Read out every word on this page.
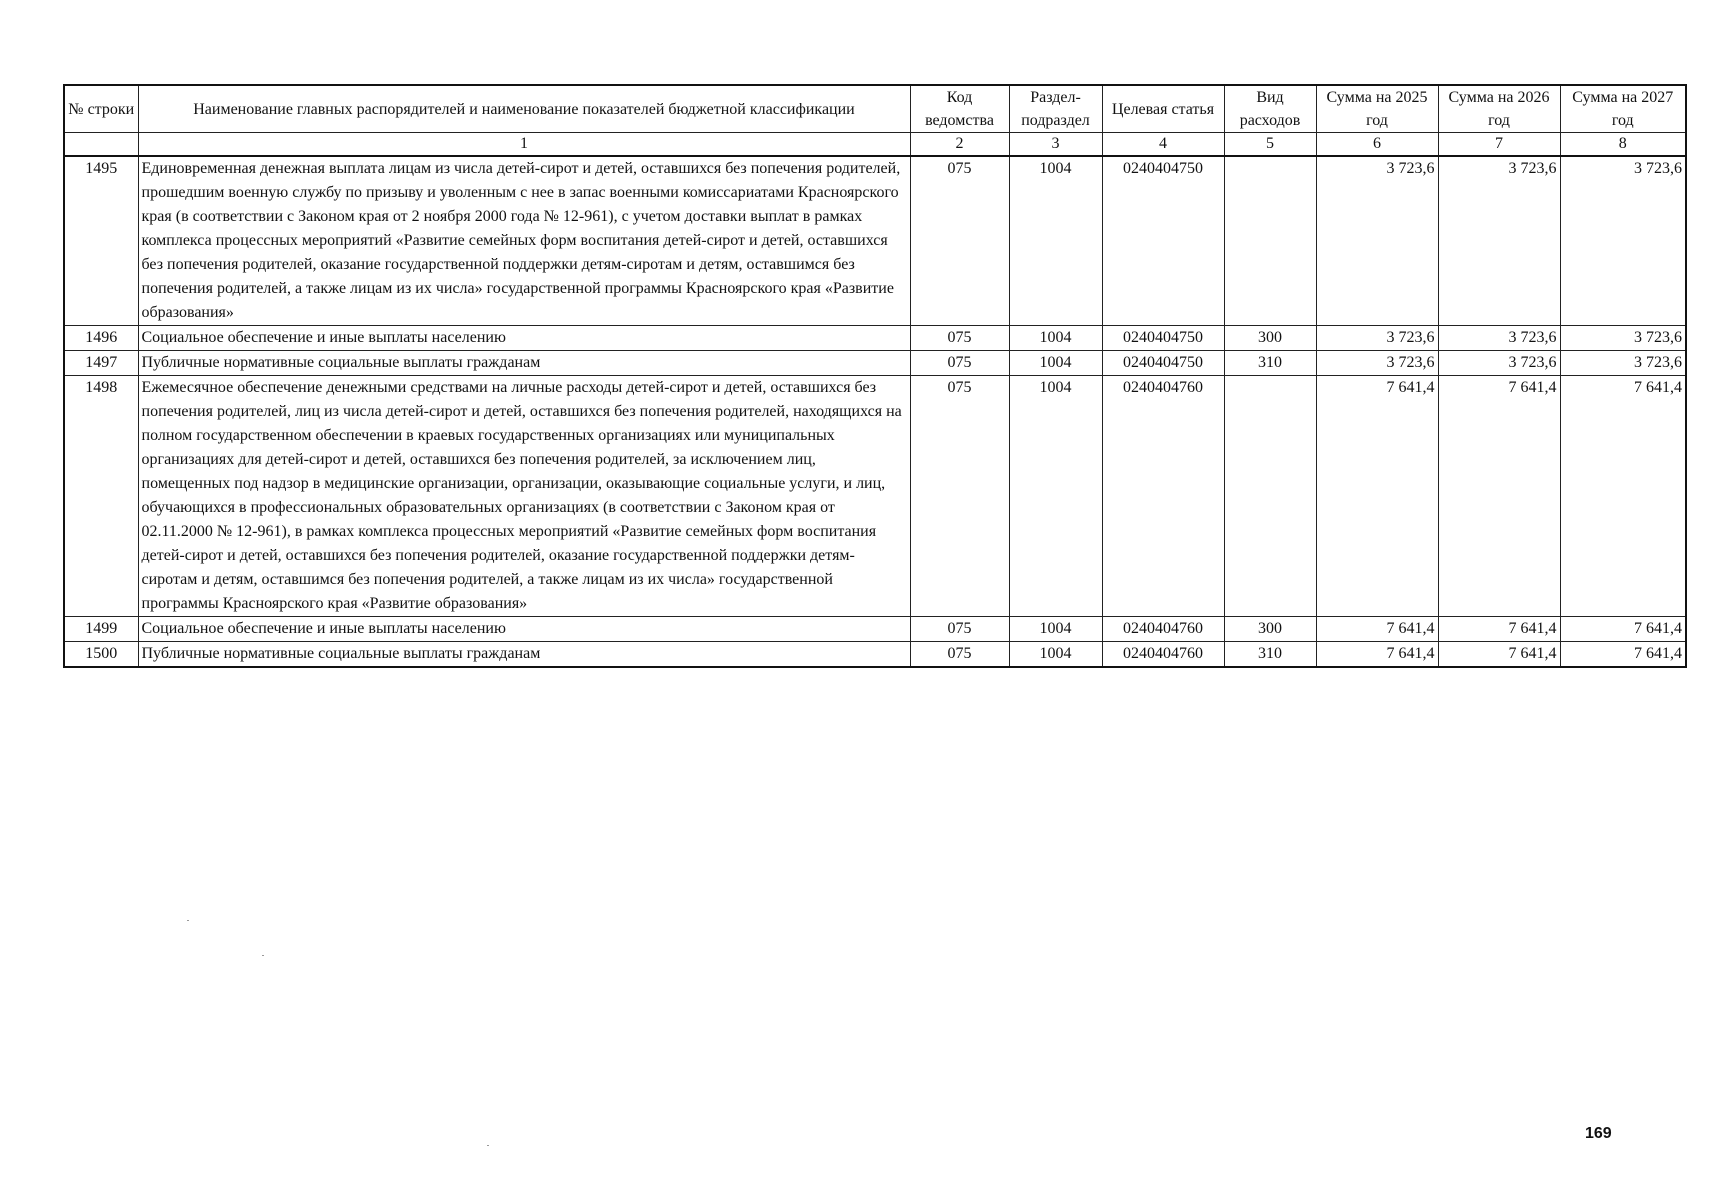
№ строки	Наименование главных распорядителей и наименование показателей бюджетной классификации	Код ведомства	Раздел-подраздел	Целевая статья	Вид расходов	Сумма на 2025 год	Сумма на 2026 год	Сумма на 2027 год
	1	2	3	4	5	6	7	8
1495	Единовременная денежная выплата лицам из числа детей-сирот и детей, оставшихся без попечения родителей, прошедшим военную службу по призыву и уволенным с нее в запас военными комиссариатами Красноярского края (в соответствии с Законом края от 2 ноября 2000 года № 12-961), с учетом доставки выплат в рамках комплекса процессных мероприятий «Развитие семейных форм воспитания детей-сирот и детей, оставшихся без попечения родителей, оказание государственной поддержки детям-сиротам и детям, оставшимся без попечения родителей, а также лицам из их числа» государственной программы Красноярского края «Развитие образования»	075	1004	0240404750		3 723,6	3 723,6	3 723,6
1496	Социальное обеспечение и иные выплаты населению	075	1004	0240404750	300	3 723,6	3 723,6	3 723,6
1497	Публичные нормативные социальные выплаты гражданам	075	1004	0240404750	310	3 723,6	3 723,6	3 723,6
1498	Ежемесячное обеспечение денежными средствами на личные расходы детей-сирот и детей, оставшихся без попечения родителей, лиц из числа детей-сирот и детей, оставшихся без попечения родителей, находящихся на полном государственном обеспечении в краевых государственных организациях или муниципальных организациях для детей-сирот и детей, оставшихся без попечения родителей, за исключением лиц, помещенных под надзор в медицинские организации, организации, оказывающие социальные услуги, и лиц, обучающихся в профессиональных образовательных организациях (в соответствии с Законом края от 02.11.2000 № 12-961), в рамках комплекса процессных мероприятий «Развитие семейных форм воспитания детей-сирот и детей, оставшихся без попечения родителей, оказание государственной поддержки детям-сиротам и детям, оставшимся без попечения родителей, а также лицам из их числа» государственной программы Красноярского края «Развитие образования»	075	1004	0240404760		7 641,4	7 641,4	7 641,4
1499	Социальное обеспечение и иные выплаты населению	075	1004	0240404760	300	7 641,4	7 641,4	7 641,4
1500	Публичные нормативные социальные выплаты гражданам	075	1004	0240404760	310	7 641,4	7 641,4	7 641,4
169
